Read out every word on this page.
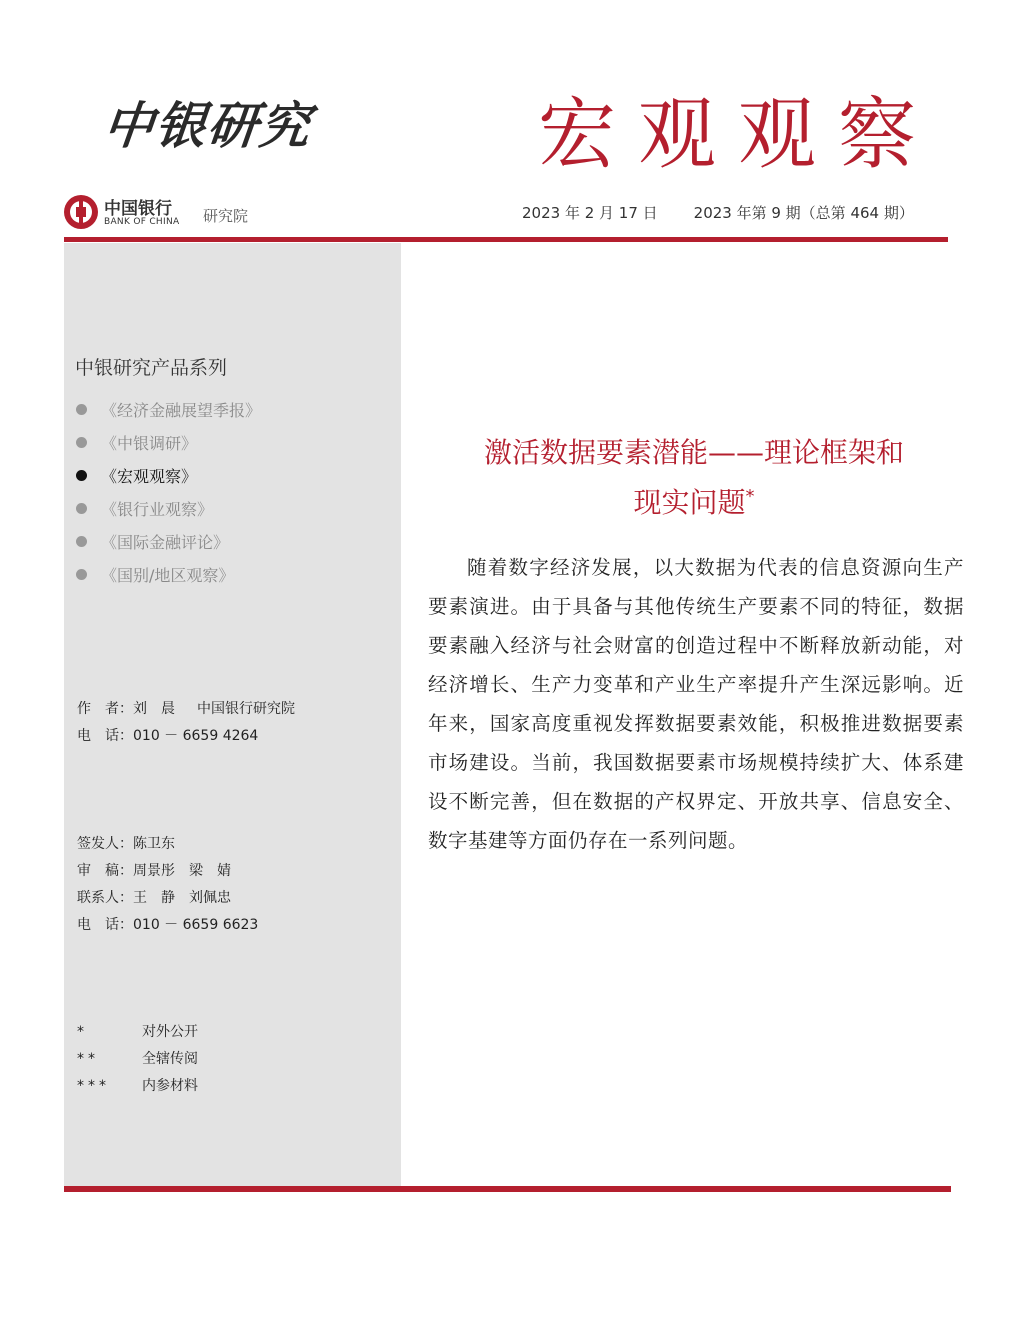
中银研究	宏观观察
中国银行
BANK OF CHINA 研究院	2023 年 2 月 17 日 2023 年第 9 期（总第 464 期）
中银研究产品系列
《经济金融展望季报》
《中银调研》
《宏观观察》
《银行业观察》
《国际金融评论》
《国别/地区观察》
作　者：刘　晨 中国银行研究院
电　话：010 － 6659 4264
签发人：陈卫东
审　稿：周景彤　梁　婧
联系人：王　静　刘佩忠
电　话：010 － 6659 6623
*	对外公开
**	全辖传阅
*** 内参材料
激活数据要素潜能——理论框架和
现实问题*

随着数字经济发展，以大数据为代表的信息资源向生产要素演进。由于具备与其他传统生产要素不同的特征，数据要素融入经济与社会财富的创造过程中不断释放新动能，对经济增长、生产力变革和产业生产率提升产生深远影响。近年来，国家高度重视发挥数据要素效能，积极推进数据要素市场建设。当前，我国数据要素市场规模持续扩大、体系建设不断完善，但在数据的产权界定、开放共享、信息安全、数字基建等方面仍存在一系列问题。
